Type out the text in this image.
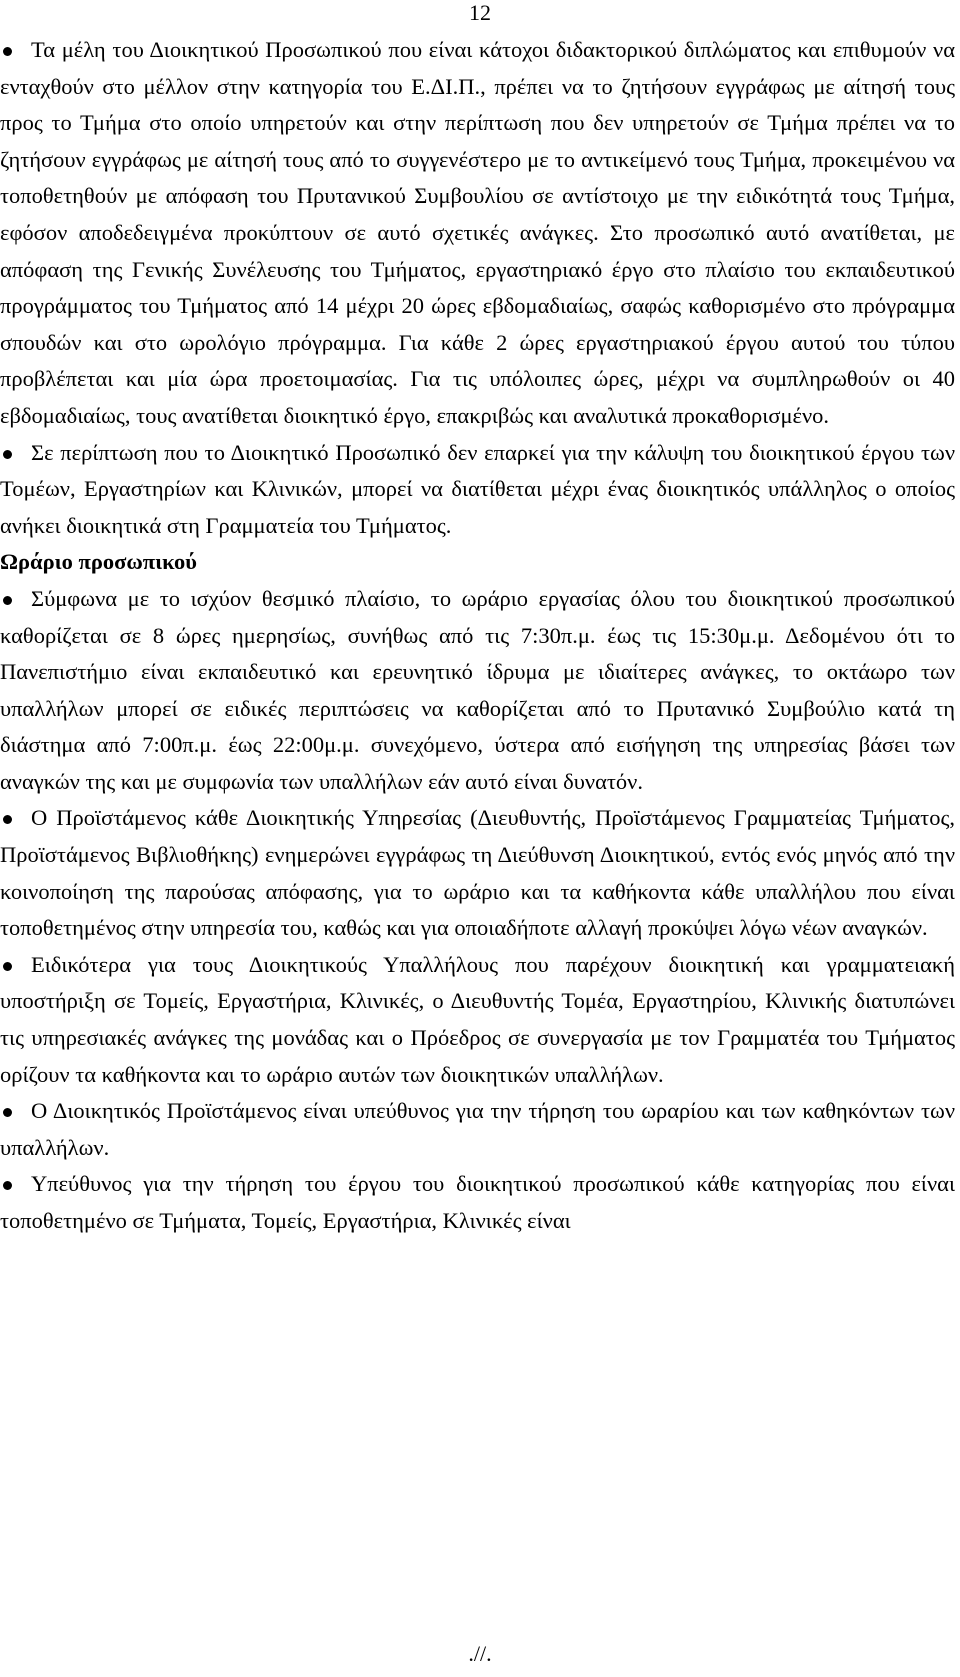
12

Τα μέλη του Διοικητικού Προσωπικού που είναι κάτοχοι διδακτορικού διπλώματος και επιθυμούν να ενταχθούν στο μέλλον στην κατηγορία του Ε.ΔΙ.Π., πρέπει να το ζητήσουν εγγράφως με αίτησή τους προς το Τμήμα στο οποίο υπηρετούν και στην περίπτωση που δεν υπηρετούν σε Τμήμα πρέπει να το ζητήσουν εγγράφως με αίτησή τους από το συγγενέστερο με το αντικείμενό τους Τμήμα, προκειμένου να τοποθετηθούν με απόφαση του Πρυτανικού Συμβουλίου σε αντίστοιχο με την ειδικότητά τους Τμήμα, εφόσον αποδεδειγμένα προκύπτουν σε αυτό σχετικές ανάγκες. Στο προσωπικό αυτό ανατίθεται, με απόφαση της Γενικής Συνέλευσης του Τμήματος, εργαστηριακό έργο στο πλαίσιο του εκπαιδευτικού προγράμματος του Τμήματος από 14 μέχρι 20 ώρες εβδομαδιαίως, σαφώς καθορισμένο στο πρόγραμμα σπουδών και στο ωρολόγιο πρόγραμμα. Για κάθε 2 ώρες εργαστηριακού έργου αυτού του τύπου προβλέπεται και μία ώρα προετοιμασίας. Για τις υπόλοιπες ώρες, μέχρι να συμπληρωθούν οι 40 εβδομαδιαίως, τους ανατίθεται διοικητικό έργο, επακριβώς και αναλυτικά προκαθορισμένο.

Σε περίπτωση που το Διοικητικό Προσωπικό δεν επαρκεί για την κάλυψη του διοικητικού έργου των Τομέων, Εργαστηρίων και Κλινικών, μπορεί να διατίθεται μέχρι ένας διοικητικός υπάλληλος ο οποίος ανήκει διοικητικά στη Γραμματεία του Τμήματος.

Ωράριο προσωπικού

Σύμφωνα με το ισχύον θεσμικό πλαίσιο, το ωράριο εργασίας όλου του διοικητικού προσωπικού καθορίζεται σε 8 ώρες ημερησίως, συνήθως από τις 7:30π.μ. έως τις 15:30μ.μ. Δεδομένου ότι το Πανεπιστήμιο είναι εκπαιδευτικό και ερευνητικό ίδρυμα με ιδιαίτερες ανάγκες, το οκτάωρο των υπαλλήλων μπορεί σε ειδικές περιπτώσεις να καθορίζεται από το Πρυτανικό Συμβούλιο κατά τη διάστημα από 7:00π.μ. έως 22:00μ.μ. συνεχόμενο, ύστερα από εισήγηση της υπηρεσίας βάσει των αναγκών της και με συμφωνία των υπαλλήλων εάν αυτό είναι δυνατόν.

Ο Προϊστάμενος κάθε Διοικητικής Υπηρεσίας (Διευθυντής, Προϊστάμενος Γραμματείας Τμήματος, Προϊστάμενος Βιβλιοθήκης) ενημερώνει εγγράφως τη Διεύθυνση Διοικητικού, εντός ενός μηνός από την κοινοποίηση της παρούσας απόφασης, για το ωράριο και τα καθήκοντα κάθε υπαλλήλου που είναι τοποθετημένος στην υπηρεσία του, καθώς και για οποιαδήποτε αλλαγή προκύψει λόγω νέων αναγκών.

Ειδικότερα για τους Διοικητικούς Υπαλλήλους που παρέχουν διοικητική και γραμματειακή υποστήριξη σε Τομείς, Εργαστήρια, Κλινικές, ο Διευθυντής Τομέα, Εργαστηρίου, Κλινικής διατυπώνει τις υπηρεσιακές ανάγκες της μονάδας και ο Πρόεδρος σε συνεργασία με τον Γραμματέα του Τμήματος ορίζουν τα καθήκοντα και το ωράριο αυτών των διοικητικών υπαλλήλων.

Ο Διοικητικός Προϊστάμενος είναι υπεύθυνος για την τήρηση του ωραρίου και των καθηκόντων των υπαλλήλων.

Υπεύθυνος για την τήρηση του έργου του διοικητικού προσωπικού κάθε κατηγορίας που είναι τοποθετημένο σε Τμήματα, Τομείς, Εργαστήρια, Κλινικές είναι

.//.
